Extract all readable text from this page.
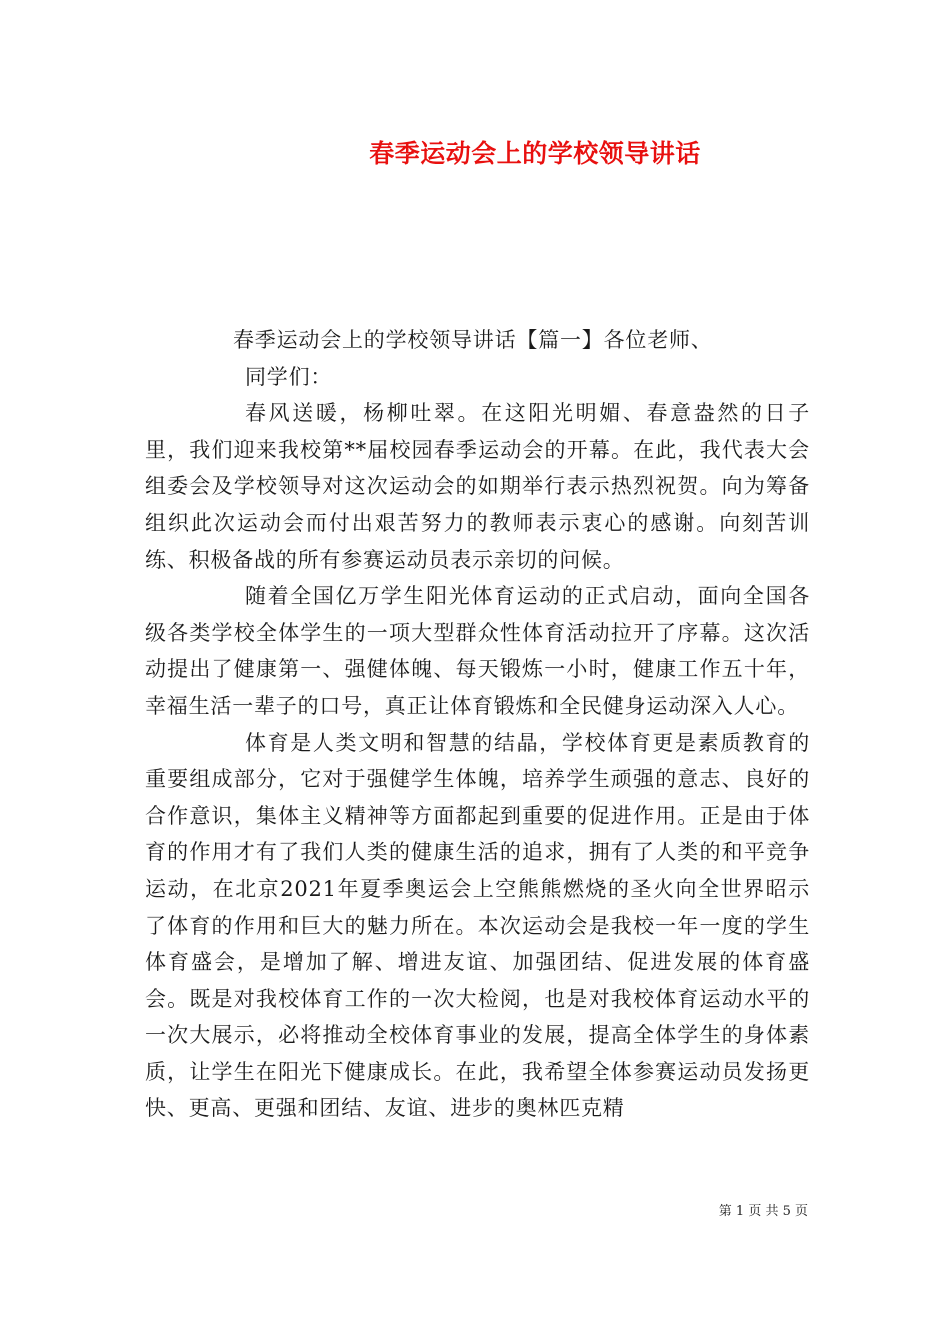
春季运动会上的学校领导讲话

春季运动会上的学校领导讲话【篇一】各位老师、

同学们：

春风送暖，杨柳吐翠。在这阳光明媚、春意盎然的日子里，我们迎来我校第**届校园春季运动会的开幕。在此，我代表大会组委会及学校领导对这次运动会的如期举行表示热烈祝贺。向为筹备组织此次运动会而付出艰苦努力的教师表示衷心的感谢。向刻苦训练、积极备战的所有参赛运动员表示亲切的问候。

随着全国亿万学生阳光体育运动的正式启动，面向全国各级各类学校全体学生的一项大型群众性体育活动拉开了序幕。这次活动提出了健康第一、强健体魄、每天锻炼一小时，健康工作五十年，幸福生活一辈子的口号，真正让体育锻炼和全民健身运动深入人心。

体育是人类文明和智慧的结晶，学校体育更是素质教育的重要组成部分，它对于强健学生体魄，培养学生顽强的意志、良好的合作意识，集体主义精神等方面都起到重要的促进作用。正是由于体育的作用才有了我们人类的健康生活的追求，拥有了人类的和平竞争运动，在北京2021年夏季奥运会上空熊熊燃烧的圣火向全世界昭示了体育的作用和巨大的魅力所在。本次运动会是我校一年一度的学生体育盛会，是增加了解、增进友谊、加强团结、促进发展的体育盛会。既是对我校体育工作的一次大检阅，也是对我校体育运动水平的一次大展示，必将推动全校体育事业的发展，提高全体学生的身体素质，让学生在阳光下健康成长。在此，我希望全体参赛运动员发扬更快、更高、更强和团结、友谊、进步的奥林匹克精

第 1 页 共 5 页
